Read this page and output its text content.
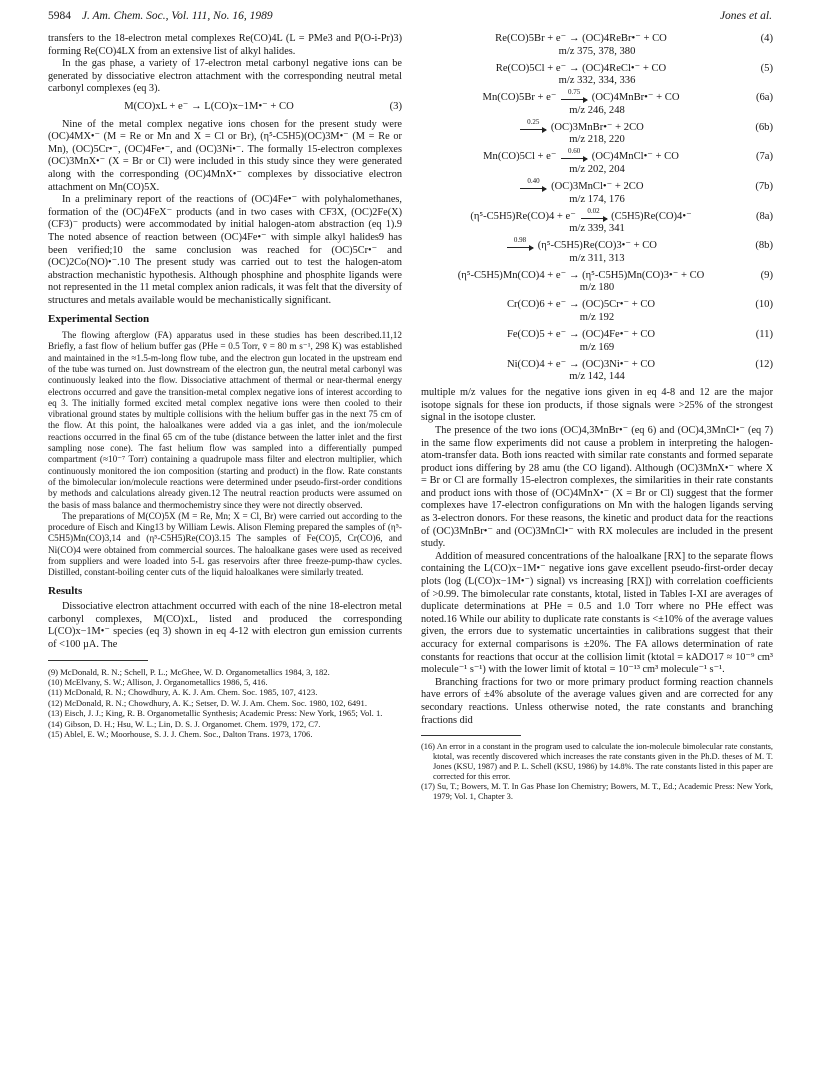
5984 J. Am. Chem. Soc., Vol. 111, No. 16, 1989	Jones et al.

transfers to the 18-electron metal complexes Re(CO)4L (L = PMe3 and P(O-i-Pr)3) forming Re(CO)4LX from an extensive list of alkyl halides.

In the gas phase, a variety of 17-electron metal carbonyl negative ions can be generated by dissociative electron attachment with the corresponding neutral metal carbonyl complexes (eq 3).

M(CO)xL + e⁻ → L(CO)x−1M•⁻ + CO	(3)

Nine of the metal complex negative ions chosen for the present study were (OC)4MX•⁻ (M = Re or Mn and X = Cl or Br), (η⁵-C5H5)(OC)3M•⁻ (M = Re or Mn), (OC)5Cr•⁻, (OC)4Fe•⁻, and (OC)3Ni•⁻. The formally 15-electron complexes (OC)3MnX•⁻ (X = Br or Cl) were included in this study since they were generated along with the corresponding (OC)4MnX•⁻ complexes by dissociative electron attachment on Mn(CO)5X.

In a preliminary report of the reactions of (OC)4Fe•⁻ with polyhalomethanes, formation of the (OC)4FeX⁻ products (and in two cases with CF3X, (OC)2Fe(X)(CF3)⁻ products) were accommodated by initial halogen-atom abstraction (eq 1).9 The noted absence of reaction between (OC)4Fe•⁻ with simple alkyl halides9 has been verified;10 the same conclusion was reached for (OC)5Cr•⁻ and (OC)2Co(NO)•⁻.10 The present study was carried out to test the halogen-atom abstraction mechanistic hypothesis. Although phosphine and phosphite ligands were not represented in the 11 metal complex anion radicals, it was felt that the diversity of structures and metals available would be mechanistically significant.

Experimental Section

The flowing afterglow (FA) apparatus used in these studies has been described.11,12 Briefly, a fast flow of helium buffer gas (PHe = 0.5 Torr, v̄ = 80 m s⁻¹, 298 K) was established and maintained in the ≈1.5-m-long flow tube, and the electron gun located in the upstream end of the tube was turned on. Just downstream of the electron gun, the neutral metal carbonyl was continuously leaked into the flow. Dissociative attachment of thermal or near-thermal energy electrons occurred and gave the transition-metal complex negative ions of interest according to eq 3. The initially formed excited metal complex negative ions were then cooled to their vibrational ground states by multiple collisions with the helium buffer gas in the next 75 cm of the flow. At this point, the haloalkanes were added via a gas inlet, and the ion/molecule reactions occurred in the final 65 cm of the tube (distance between the latter inlet and the first sampling nose cone). The fast helium flow was sampled into a differentially pumped compartment (≈10⁻⁷ Torr) containing a quadrupole mass filter and electron multiplier, which continuously monitored the ion composition (starting and product) in the flow. Rate constants of the bimolecular ion/molecule reactions were determined under pseudo-first-order conditions by methods and calculations already given.12 The neutral reaction products were assumed on the basis of mass balance and thermochemistry since they were not directly observed.

The preparations of M(CO)5X (M = Re, Mn; X = Cl, Br) were carried out according to the procedure of Eisch and King13 by William Lewis. Alison Fleming prepared the samples of (η⁵-C5H5)Mn(CO)3,14 and (η⁵-C5H5)Re(CO)3.15 The samples of Fe(CO)5, Cr(CO)6, and Ni(CO)4 were obtained from commercial sources. The haloalkane gases were used as received from suppliers and were loaded into 5-L gas reservoirs after three freeze-pump-thaw cycles. Distilled, constant-boiling center cuts of the liquid haloalkanes were similarly treated.

Results

Dissociative electron attachment occurred with each of the nine 18-electron metal carbonyl complexes, M(CO)xL, listed and produced the corresponding L(CO)x−1M•⁻ species (eq 3) shown in eq 4-12 with electron gun emission currents of <100 µA. The

(9) McDonald, R. N.; Schell, P. L.; McGhee, W. D. Organometallics 1984, 3, 182.

(10) McElvany, S. W.; Allison, J. Organometallics 1986, 5, 416.

(11) McDonald, R. N.; Chowdhury, A. K. J. Am. Chem. Soc. 1985, 107, 4123.

(12) McDonald, R. N.; Chowdhury, A. K.; Setser, D. W. J. Am. Chem. Soc. 1980, 102, 6491.

(13) Eisch, J. J.; King, R. B. Organometallic Synthesis; Academic Press: New York, 1965; Vol. 1.

(14) Gibson, D. H.; Hsu, W. L.; Lin, D. S. J. Organomet. Chem. 1979, 172, C7.

(15) Ablel, E. W.; Moorhouse, S. J. J. Chem. Soc., Dalton Trans. 1973, 1706.

Re(CO)5Br + e⁻ → (OC)4ReBr•⁻ + CO	(4)
m/z 375, 378, 380
Re(CO)5Cl + e⁻ → (OC)4ReCl•⁻ + CO	(5)
m/z 332, 334, 336
Mn(CO)5Br + e⁻	0.75	(OC)4MnBr•⁻ + CO	(6a)
m/z 246, 248
0.25	(OC)3MnBr•⁻ + 2CO	(6b)
m/z 218, 220
Mn(CO)5Cl + e⁻	0.60	(OC)4MnCl•⁻ + CO	(7a)
m/z 202, 204
0.40	(OC)3MnCl•⁻ + 2CO	(7b)
m/z 174, 176
(η⁵-C5H5)Re(CO)4 + e⁻	0.02	(C5H5)Re(CO)4•⁻	(8a)
m/z 339, 341
0.98	(η⁵-C5H5)Re(CO)3•⁻ + CO	(8b)
m/z 311, 313
(η⁵-C5H5)Mn(CO)4 + e⁻ → (η⁵-C5H5)Mn(CO)3•⁻ + CO	(9)
m/z 180
Cr(CO)6 + e⁻ → (OC)5Cr•⁻ + CO	(10)
m/z 192
Fe(CO)5 + e⁻ → (OC)4Fe•⁻ + CO	(11)
m/z 169
Ni(CO)4 + e⁻ → (OC)3Ni•⁻ + CO	(12)
m/z 142, 144

multiple m/z values for the negative ions given in eq 4-8 and 12 are the major isotope signals for these ion products, if those signals were >25% of the strongest signal in the isotope cluster.

The presence of the two ions (OC)4,3MnBr•⁻ (eq 6) and (OC)4,3MnCl•⁻ (eq 7) in the same flow experiments did not cause a problem in interpreting the halogen-atom-transfer data. Both ions reacted with similar rate constants and formed separate product ions differing by 28 amu (the CO ligand). Although (OC)3MnX•⁻ where X = Br or Cl are formally 15-electron complexes, the similarities in their rate constants and product ions with those of (OC)4MnX•⁻ (X = Br or Cl) suggest that the former complexes have 17-electron configurations on Mn with the halogen ligands serving as 3-electron donors. For these reasons, the kinetic and product data for the reactions of (OC)3MnBr•⁻ and (OC)3MnCl•⁻ with RX molecules are included in the present study.

Addition of measured concentrations of the haloalkane [RX] to the separate flows containing the L(CO)x−1M•⁻ negative ions gave excellent pseudo-first-order decay plots (log (L(CO)x−1M•⁻) signal) vs increasing [RX]) with correlation coefficients of >0.99. The bimolecular rate constants, ktotal, listed in Tables I-XI are averages of duplicate determinations at PHe = 0.5 and 1.0 Torr where no PHe effect was noted.16 While our ability to duplicate rate constants is <±10% of the average values given, the errors due to systematic uncertainties in calibrations suggest that their accuracy for external comparisons is ±20%. The FA allows determination of rate constants for reactions that occur at the collision limit (ktotal = kADO17 ≈ 10⁻⁹ cm³ molecule⁻¹ s⁻¹) with the lower limit of ktotal = 10⁻¹³ cm³ molecule⁻¹ s⁻¹.

Branching fractions for two or more primary product forming reaction channels have errors of ±4% absolute of the average values given and are corrected for any secondary reactions. Unless otherwise noted, the rate constants and branching fractions did

(16) An error in a constant in the program used to calculate the ion-molecule bimolecular rate constants, ktotal, was recently discovered which increases the rate constants given in the Ph.D. theses of M. T. Jones (KSU, 1987) and P. L. Schell (KSU, 1986) by 14.8%. The rate constants listed in this paper are corrected for this error.

(17) Su, T.; Bowers, M. T. In Gas Phase Ion Chemistry; Bowers, M. T., Ed.; Academic Press: New York, 1979; Vol. 1, Chapter 3.
